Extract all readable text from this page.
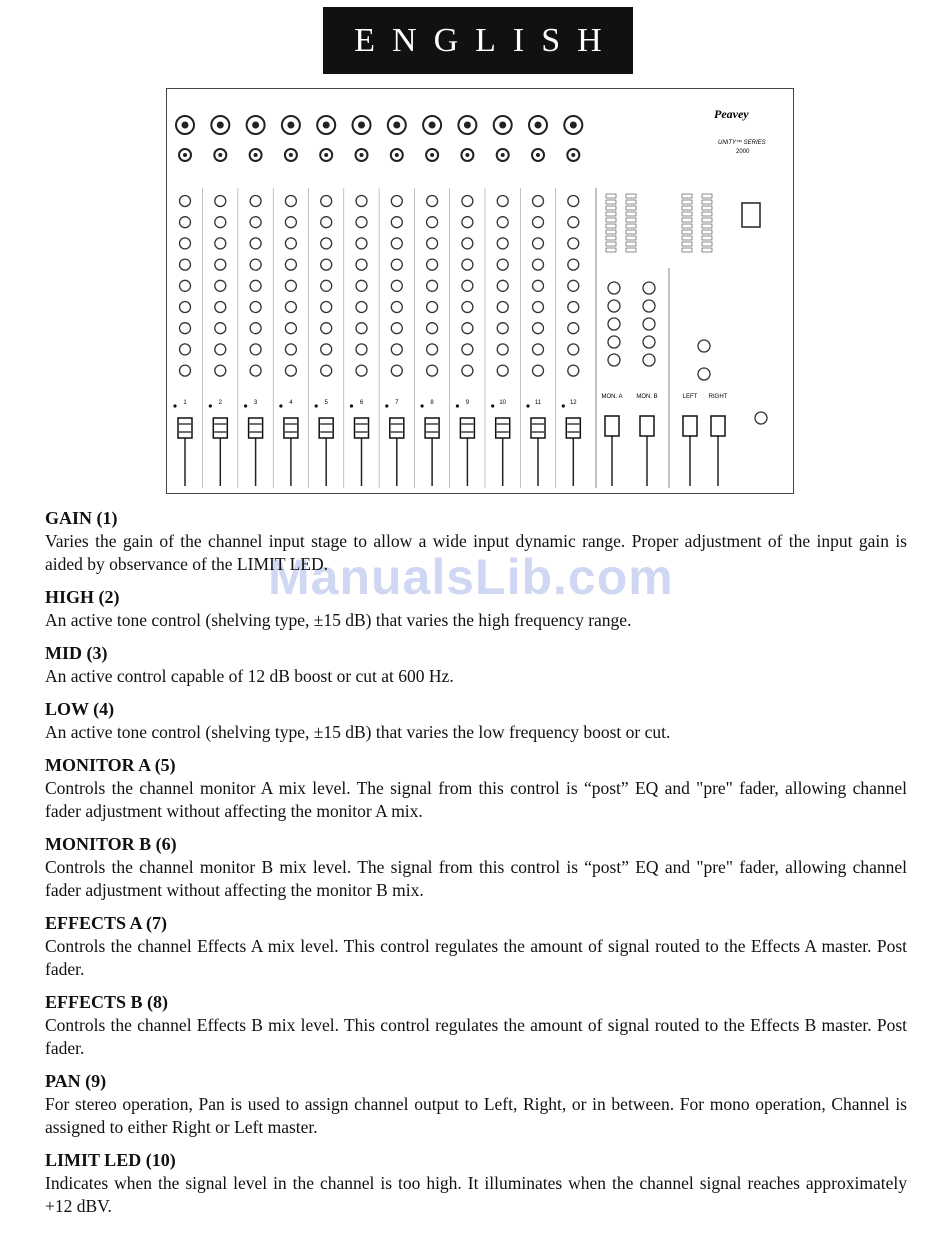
ENGLISH
1	2	3	4	5	6	7	8	9	10	11	12
MON. A MON. B	LEFT RIGHT
Peavey
UNITY™ SERIES
2000
ManualsLib.com
GAIN (1)

Varies the gain of the channel input stage to allow a wide input dynamic range. Proper adjustment of the input gain is aided by observance of the LIMIT LED.

HIGH (2)

An active tone control (shelving type, ±15 dB) that varies the high frequency range.

MID (3)

An active control capable of 12 dB boost or cut at 600 Hz.

LOW (4)

An active tone control (shelving type, ±15 dB) that varies the low frequency boost or cut.

MONITOR A (5)

Controls the channel monitor A mix level. The signal from this control is “post” EQ and "pre" fader, allowing channel fader adjustment without affecting the monitor A mix.

MONITOR B (6)

Controls the channel monitor B mix level. The signal from this control is “post” EQ and "pre" fader, allowing channel fader adjustment without affecting the monitor B mix.

EFFECTS A (7)

Controls the channel Effects A mix level. This control regulates the amount of signal routed to the Effects A master. Post fader.

EFFECTS B (8)

Controls the channel Effects B mix level. This control regulates the amount of signal routed to the Effects B master. Post fader.

PAN (9)

For stereo operation, Pan is used to assign channel output to Left, Right, or in between. For mono operation, Channel is assigned to either Right or Left master.

LIMIT LED (10)

Indicates when the signal level in the channel is too high. It illuminates when the channel signal reaches approximately +12 dBV.
